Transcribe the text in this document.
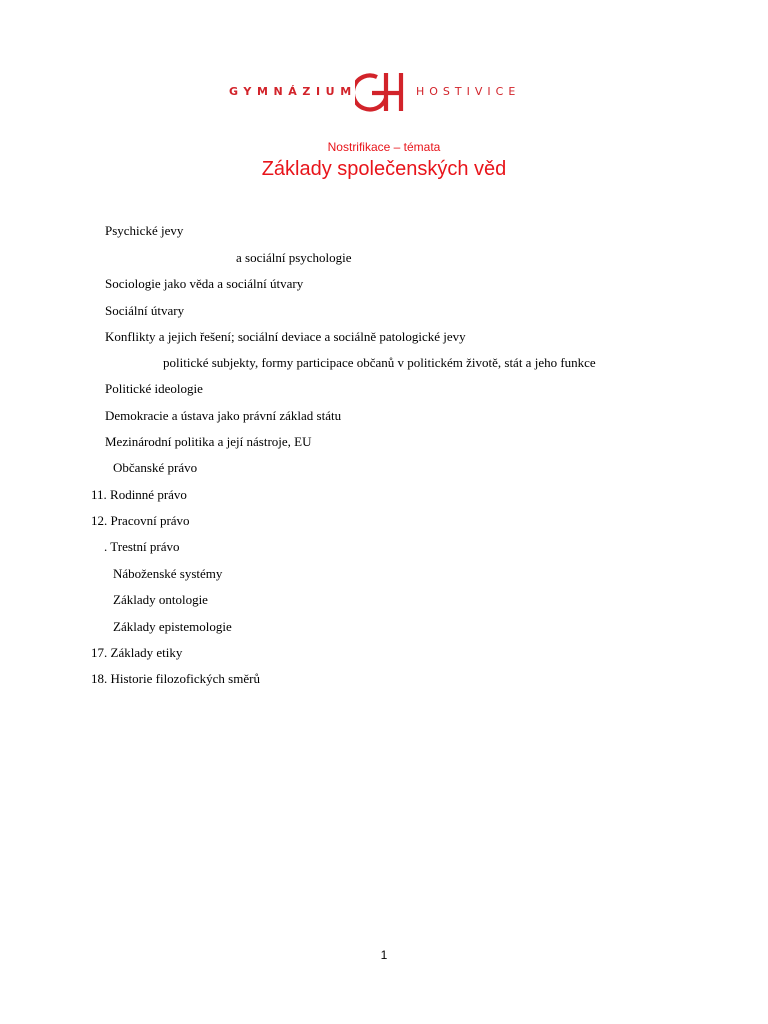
GYMNÁZIUM	HOSTIVICE
Nostrifikace – témata
Základy společenských věd
Psychické jevy
a sociální psychologie
Sociologie jako věda a sociální útvary
Sociální útvary
Konflikty a jejich řešení; sociální deviace a sociálně patologické jevy
politické subjekty, formy participace občanů v politickém životě, stát a jeho funkce
Politické ideologie
Demokracie a ústava jako právní základ státu
Mezinárodní politika a její nástroje, EU
Občanské právo
11. Rodinné právo
12. Pracovní právo
. Trestní právo
Náboženské systémy
Základy ontologie
Základy epistemologie
17. Základy etiky
18. Historie filozofických směrů
1
